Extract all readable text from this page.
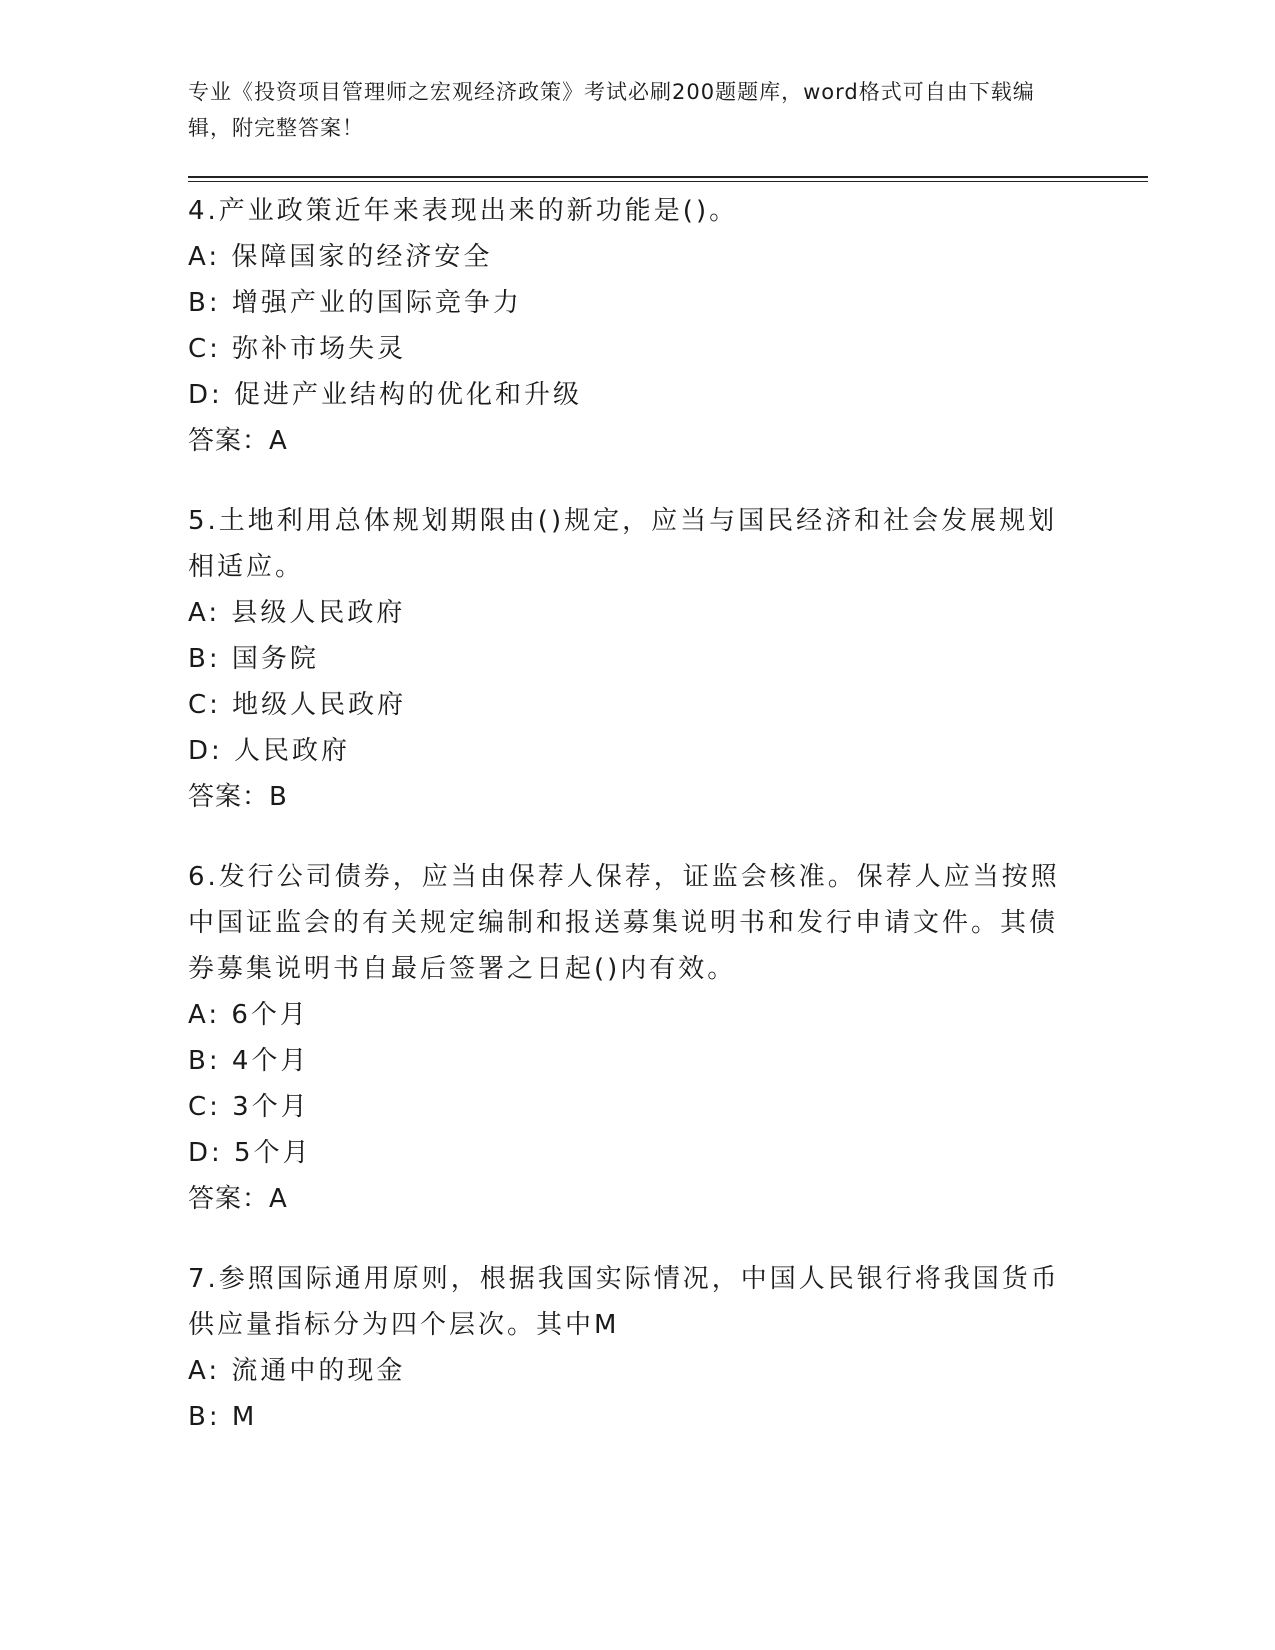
专业《投资项目管理师之宏观经济政策》考试必刷200题题库，word格式可自由下载编辑，附完整答案！
4.产业政策近年来表现出来的新功能是()。
A: 保障国家的经济安全
B: 增强产业的国际竞争力
C: 弥补市场失灵
D: 促进产业结构的优化和升级
答案：A
5.土地利用总体规划期限由()规定，应当与国民经济和社会发展规划相适应。
A: 县级人民政府
B: 国务院
C: 地级人民政府
D: 人民政府
答案：B
6.发行公司债券，应当由保荐人保荐，证监会核准。保荐人应当按照中国证监会的有关规定编制和报送募集说明书和发行申请文件。其债券募集说明书自最后签署之日起()内有效。
A: 6个月
B: 4个月
C: 3个月
D: 5个月
答案：A
7.参照国际通用原则，根据我国实际情况，中国人民银行将我国货币供应量指标分为四个层次。其中M
A: 流通中的现金
B: M
